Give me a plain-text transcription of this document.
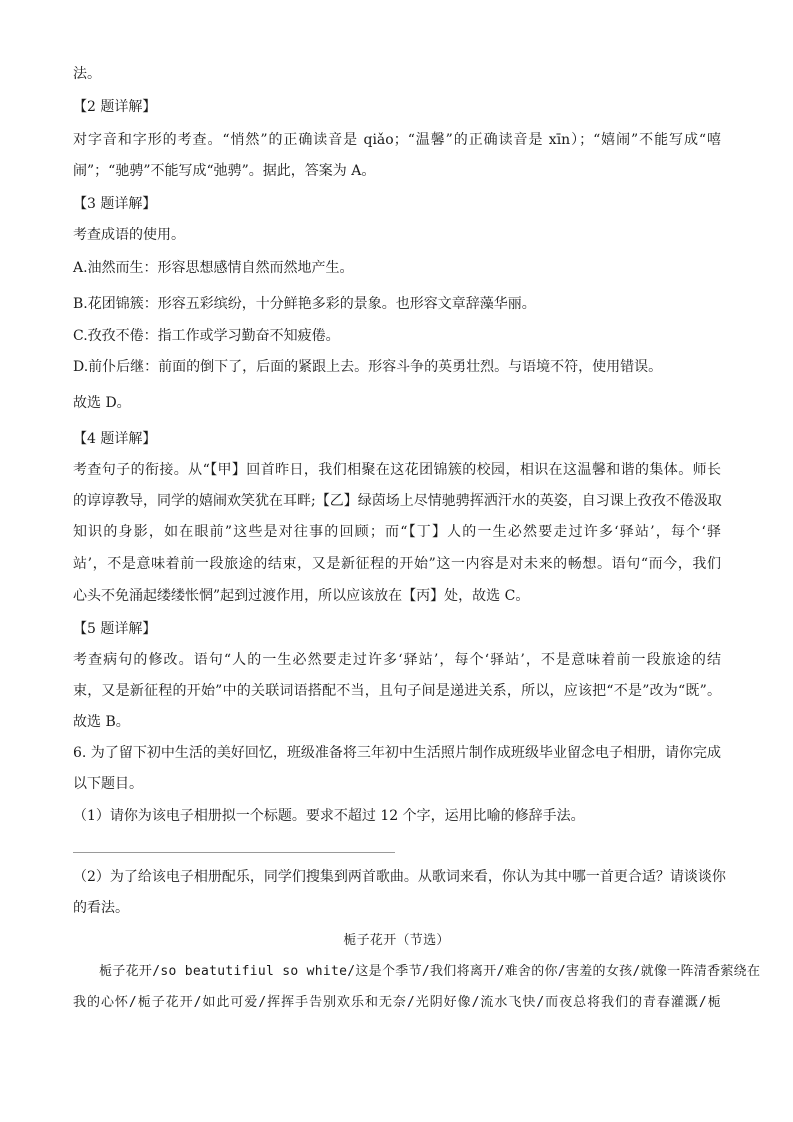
法。
【2 题详解】
对字音和字形的考查。“悄然”的正确读音是 qiǎo；“温馨”的正确读音是 xīn）；“嬉闹”不能写成“嘻
闹”；“驰骋”不能写成“弛骋”。据此，答案为 A。
【3 题详解】
考查成语的使用。
A.油然而生：形容思想感情自然而然地产生。
B.花团锦簇：形容五彩缤纷，十分鲜艳多彩的景象。也形容文章辞藻华丽。
C.孜孜不倦：指工作或学习勤奋不知疲倦。
D.前仆后继：前面的倒下了，后面的紧跟上去。形容斗争的英勇壮烈。与语境不符，使用错误。
故选 D。
【4 题详解】
考查句子的衔接。从“【甲】回首昨日，我们相聚在这花团锦簇的校园，相识在这温馨和谐的集体。师长
的谆谆教导，同学的嬉闹欢笑犹在耳畔;【乙】绿茵场上尽情驰骋挥洒汗水的英姿，自习课上孜孜不倦汲取
知识的身影，如在眼前”这些是对往事的回顾；而“【丁】人的一生必然要走过许多‘驿站’，每个‘驿
站’，不是意味着前一段旅途的结束，又是新征程的开始”这一内容是对未来的畅想。语句“而今，我们
心头不免涌起缕缕怅惘”起到过渡作用，所以应该放在【丙】处，故选 C。
【5 题详解】
考查病句的修改。语句“人的一生必然要走过许多‘驿站’，每个‘驿站’，不是意味着前一段旅途的结
束，又是新征程的开始”中的关联词语搭配不当，且句子间是递进关系，所以，应该把“不是”改为“既”。
故选 B。
6. 为了留下初中生活的美好回忆，班级准备将三年初中生活照片制作成班级毕业留念电子相册，请你完成
以下题目。
（1）请你为该电子相册拟一个标题。要求不超过 12 个字，运用比喻的修辞手法。
（2）为了给该电子相册配乐，同学们搜集到两首歌曲。从歌词来看，你认为其中哪一首更合适？请谈谈你
的看法。
栀子花开（节选）
栀子花开/so beatutifiul so white/这是个季节/我们将离开/难舍的你/害羞的女孩/就像一阵清香萦绕在
我的心怀/栀子花开/如此可爱/挥挥手告别欢乐和无奈/光阴好像/流水飞快/而夜总将我们的青春灌溉/栀
